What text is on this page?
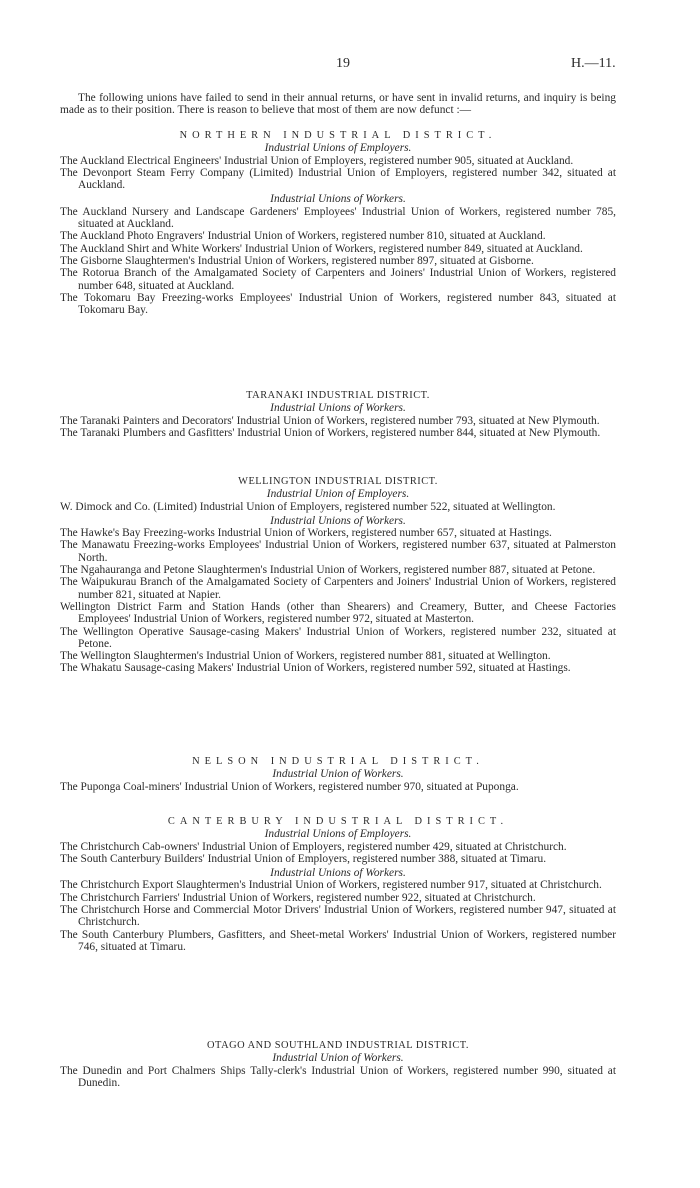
19	H.—11.
The following unions have failed to send in their annual returns, or have sent in invalid returns, and inquiry is being made as to their position. There is reason to believe that most of them are now defunct :—
NORTHERN INDUSTRIAL DISTRICT.
Industrial Unions of Employers.
The Auckland Electrical Engineers' Industrial Union of Employers, registered number 905, situated at Auckland.
The Devonport Steam Ferry Company (Limited) Industrial Union of Employers, registered number 342, situated at Auckland.
Industrial Unions of Workers.
The Auckland Nursery and Landscape Gardeners' Employees' Industrial Union of Workers, registered number 785, situated at Auckland.
The Auckland Photo Engravers' Industrial Union of Workers, registered number 810, situated at Auckland.
The Auckland Shirt and White Workers' Industrial Union of Workers, registered number 849, situated at Auckland.
The Gisborne Slaughtermen's Industrial Union of Workers, registered number 897, situated at Gisborne.
The Rotorua Branch of the Amalgamated Society of Carpenters and Joiners' Industrial Union of Workers, registered number 648, situated at Auckland.
The Tokomaru Bay Freezing-works Employees' Industrial Union of Workers, registered number 843, situated at Tokomaru Bay.
TARANAKI INDUSTRIAL DISTRICT.
Industrial Unions of Workers.
The Taranaki Painters and Decorators' Industrial Union of Workers, registered number 793, situated at New Plymouth.
The Taranaki Plumbers and Gasfitters' Industrial Union of Workers, registered number 844, situated at New Plymouth.
WELLINGTON INDUSTRIAL DISTRICT.
Industrial Union of Employers.
W. Dimock and Co. (Limited) Industrial Union of Employers, registered number 522, situated at Wellington.
Industrial Unions of Workers.
The Hawke's Bay Freezing-works Industrial Union of Workers, registered number 657, situated at Hastings.
The Manawatu Freezing-works Employees' Industrial Union of Workers, registered number 637, situated at Palmerston North.
The Ngahauranga and Petone Slaughtermen's Industrial Union of Workers, registered number 887, situated at Petone.
The Waipukurau Branch of the Amalgamated Society of Carpenters and Joiners' Industrial Union of Workers, registered number 821, situated at Napier.
Wellington District Farm and Station Hands (other than Shearers) and Creamery, Butter, and Cheese Factories Employees' Industrial Union of Workers, registered number 972, situated at Masterton.
The Wellington Operative Sausage-casing Makers' Industrial Union of Workers, registered number 232, situated at Petone.
The Wellington Slaughtermen's Industrial Union of Workers, registered number 881, situated at Wellington.
The Whakatu Sausage-casing Makers' Industrial Union of Workers, registered number 592, situated at Hastings.
NELSON INDUSTRIAL DISTRICT.
Industrial Union of Workers.
The Puponga Coal-miners' Industrial Union of Workers, registered number 970, situated at Puponga.
CANTERBURY INDUSTRIAL DISTRICT.
Industrial Unions of Employers.
The Christchurch Cab-owners' Industrial Union of Employers, registered number 429, situated at Christchurch.
The South Canterbury Builders' Industrial Union of Employers, registered number 388, situated at Timaru.
Industrial Unions of Workers.
The Christchurch Export Slaughtermen's Industrial Union of Workers, registered number 917, situated at Christchurch.
The Christchurch Farriers' Industrial Union of Workers, registered number 922, situated at Christchurch.
The Christchurch Horse and Commercial Motor Drivers' Industrial Union of Workers, registered number 947, situated at Christchurch.
The South Canterbury Plumbers, Gasfitters, and Sheet-metal Workers' Industrial Union of Workers, registered number 746, situated at Timaru.
OTAGO AND SOUTHLAND INDUSTRIAL DISTRICT.
Industrial Union of Workers.
The Dunedin and Port Chalmers Ships Tally-clerk's Industrial Union of Workers, registered number 990, situated at Dunedin.
